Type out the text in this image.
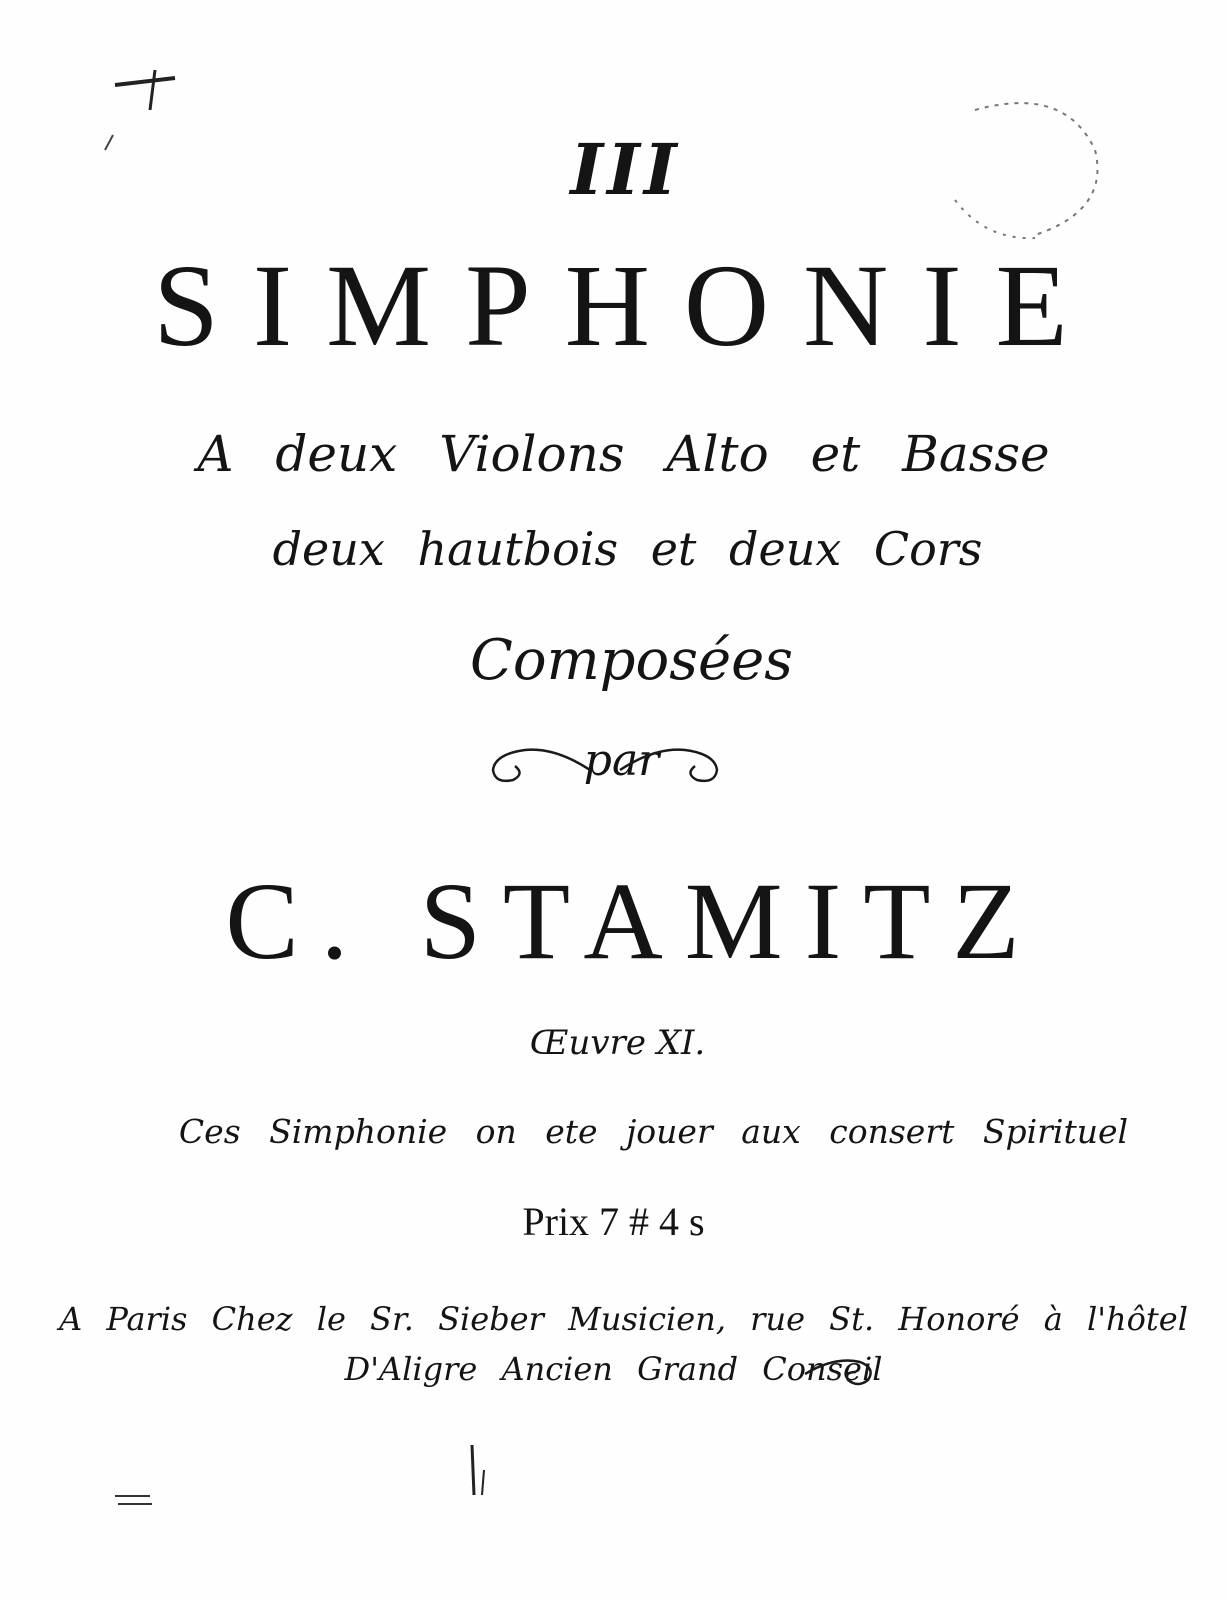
III
SIMPHONIE
A deux Violons Alto et Basse
deux hautbois et deux Cors
Composées
par
C. STAMITZ
Œuvre XI.
Ces Simphonie on ete jouer aux consert Spirituel
Prix 7 # 4 s
A Paris Chez le Sr. Sieber Musicien, rue St. Honoré à l'hôtel
D'Aligre Ancien Grand Conseil
